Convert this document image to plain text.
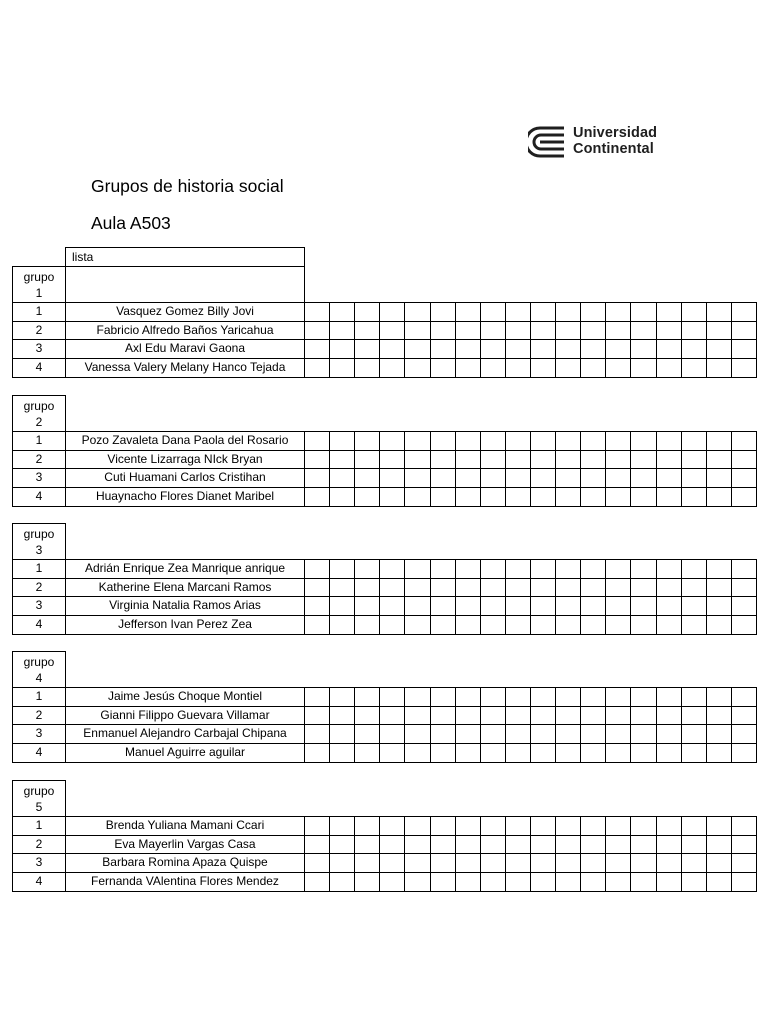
Universidad
Continental
Grupos de historia social
Aula A503
lista
grupo
1
1	Vasquez Gomez Billy Jovi
2	Fabricio Alfredo Baños Yaricahua
3	Axl Edu Maravi Gaona
4	Vanessa Valery Melany Hanco Tejada
grupo
2
1	Pozo Zavaleta Dana Paola del Rosario
2	Vicente Lizarraga NIck Bryan
3	Cuti Huamani Carlos Cristihan
4	Huaynacho Flores Dianet Maribel
grupo
3
1	Adrián Enrique Zea Manrique anrique
2	Katherine Elena Marcani Ramos
3	Virginia Natalia Ramos Arias
4	Jefferson Ivan Perez Zea
grupo
4
1	Jaime Jesús Choque Montiel
2	Gianni Filippo Guevara Villamar
3	Enmanuel Alejandro Carbajal Chipana
4	Manuel Aguirre aguilar
grupo
5
1	Brenda Yuliana Mamani Ccari
2	Eva Mayerlin Vargas Casa
3	Barbara Romina Apaza Quispe
4	Fernanda VAlentina Flores Mendez
